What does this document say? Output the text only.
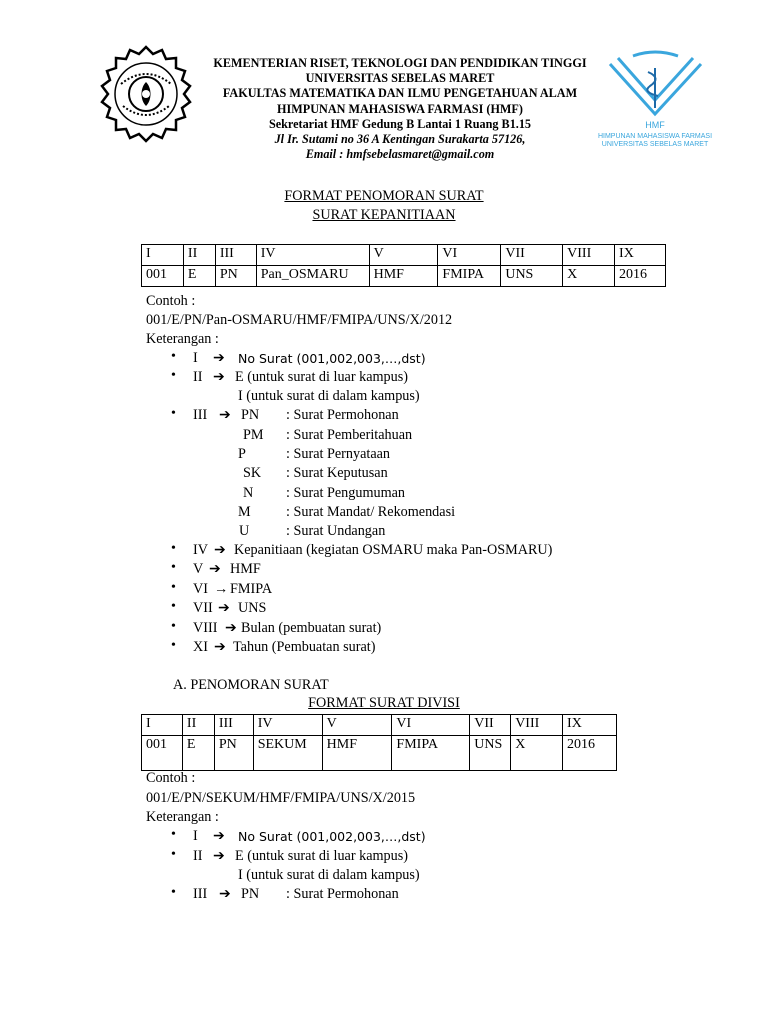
KEMENTERIAN RISET, TEKNOLOGI DAN PENDIDIKAN TINGGI
UNIVERSITAS SEBELAS MARET
FAKULTAS MATEMATIKA DAN ILMU PENGETAHUAN ALAM
HIMPUNAN MAHASISWA FARMASI (HMF)
Sekretariat HMF Gedung B Lantai 1 Ruang B1.15
Jl Ir. Sutami no 36 A Kentingan Surakarta 57126,
Email : hmfsebelasmaret@gmail.com
HMF
HIMPUNAN MAHASISWA FARMASI
UNIVERSITAS SEBELAS MARET
FORMAT PENOMORAN SURAT
SURAT KEPANITIAAN
I	II	III	IV	V	VI	VII	VIII	IX
001	E	PN	Pan_OSMARU	HMF	FMIPA	UNS	X	2016
Contoh :
001/E/PN/Pan-OSMARU/HMF/FMIPA/UNS/X/2012
Keterangan :
• I ➔ No Surat (001,002,003,…,dst)
• II ➔ E (untuk surat di luar kampus)
I (untuk surat di dalam kampus)
• III ➔ PN : Surat Permohonan
PM : Surat Pemberitahuan
P	: Surat Pernyataan
SK : Surat Keputusan
N : Surat Pengumuman
M : Surat Mandat/ Rekomendasi
U	: Surat Undangan
• IV ➔ Kepanitiaan (kegiatan OSMARU maka Pan-OSMARU)
• V ➔ HMF
• VI → FMIPA
• VII ➔ UNS
• VIII ➔ Bulan (pembuatan surat)
• XI ➔ Tahun (Pembuatan surat)
A. PENOMORAN SURAT
FORMAT SURAT DIVISI
I	II	III	IV	V	VI	VII	VIII	IX
001	E	PN	SEKUM	HMF	FMIPA	UNS	X	2016
Contoh :
001/E/PN/SEKUM/HMF/FMIPA/UNS/X/2015
Keterangan :
• I ➔ No Surat (001,002,003,…,dst)
• II ➔ E (untuk surat di luar kampus)
I (untuk surat di dalam kampus)
• III ➔ PN : Surat Permohonan
